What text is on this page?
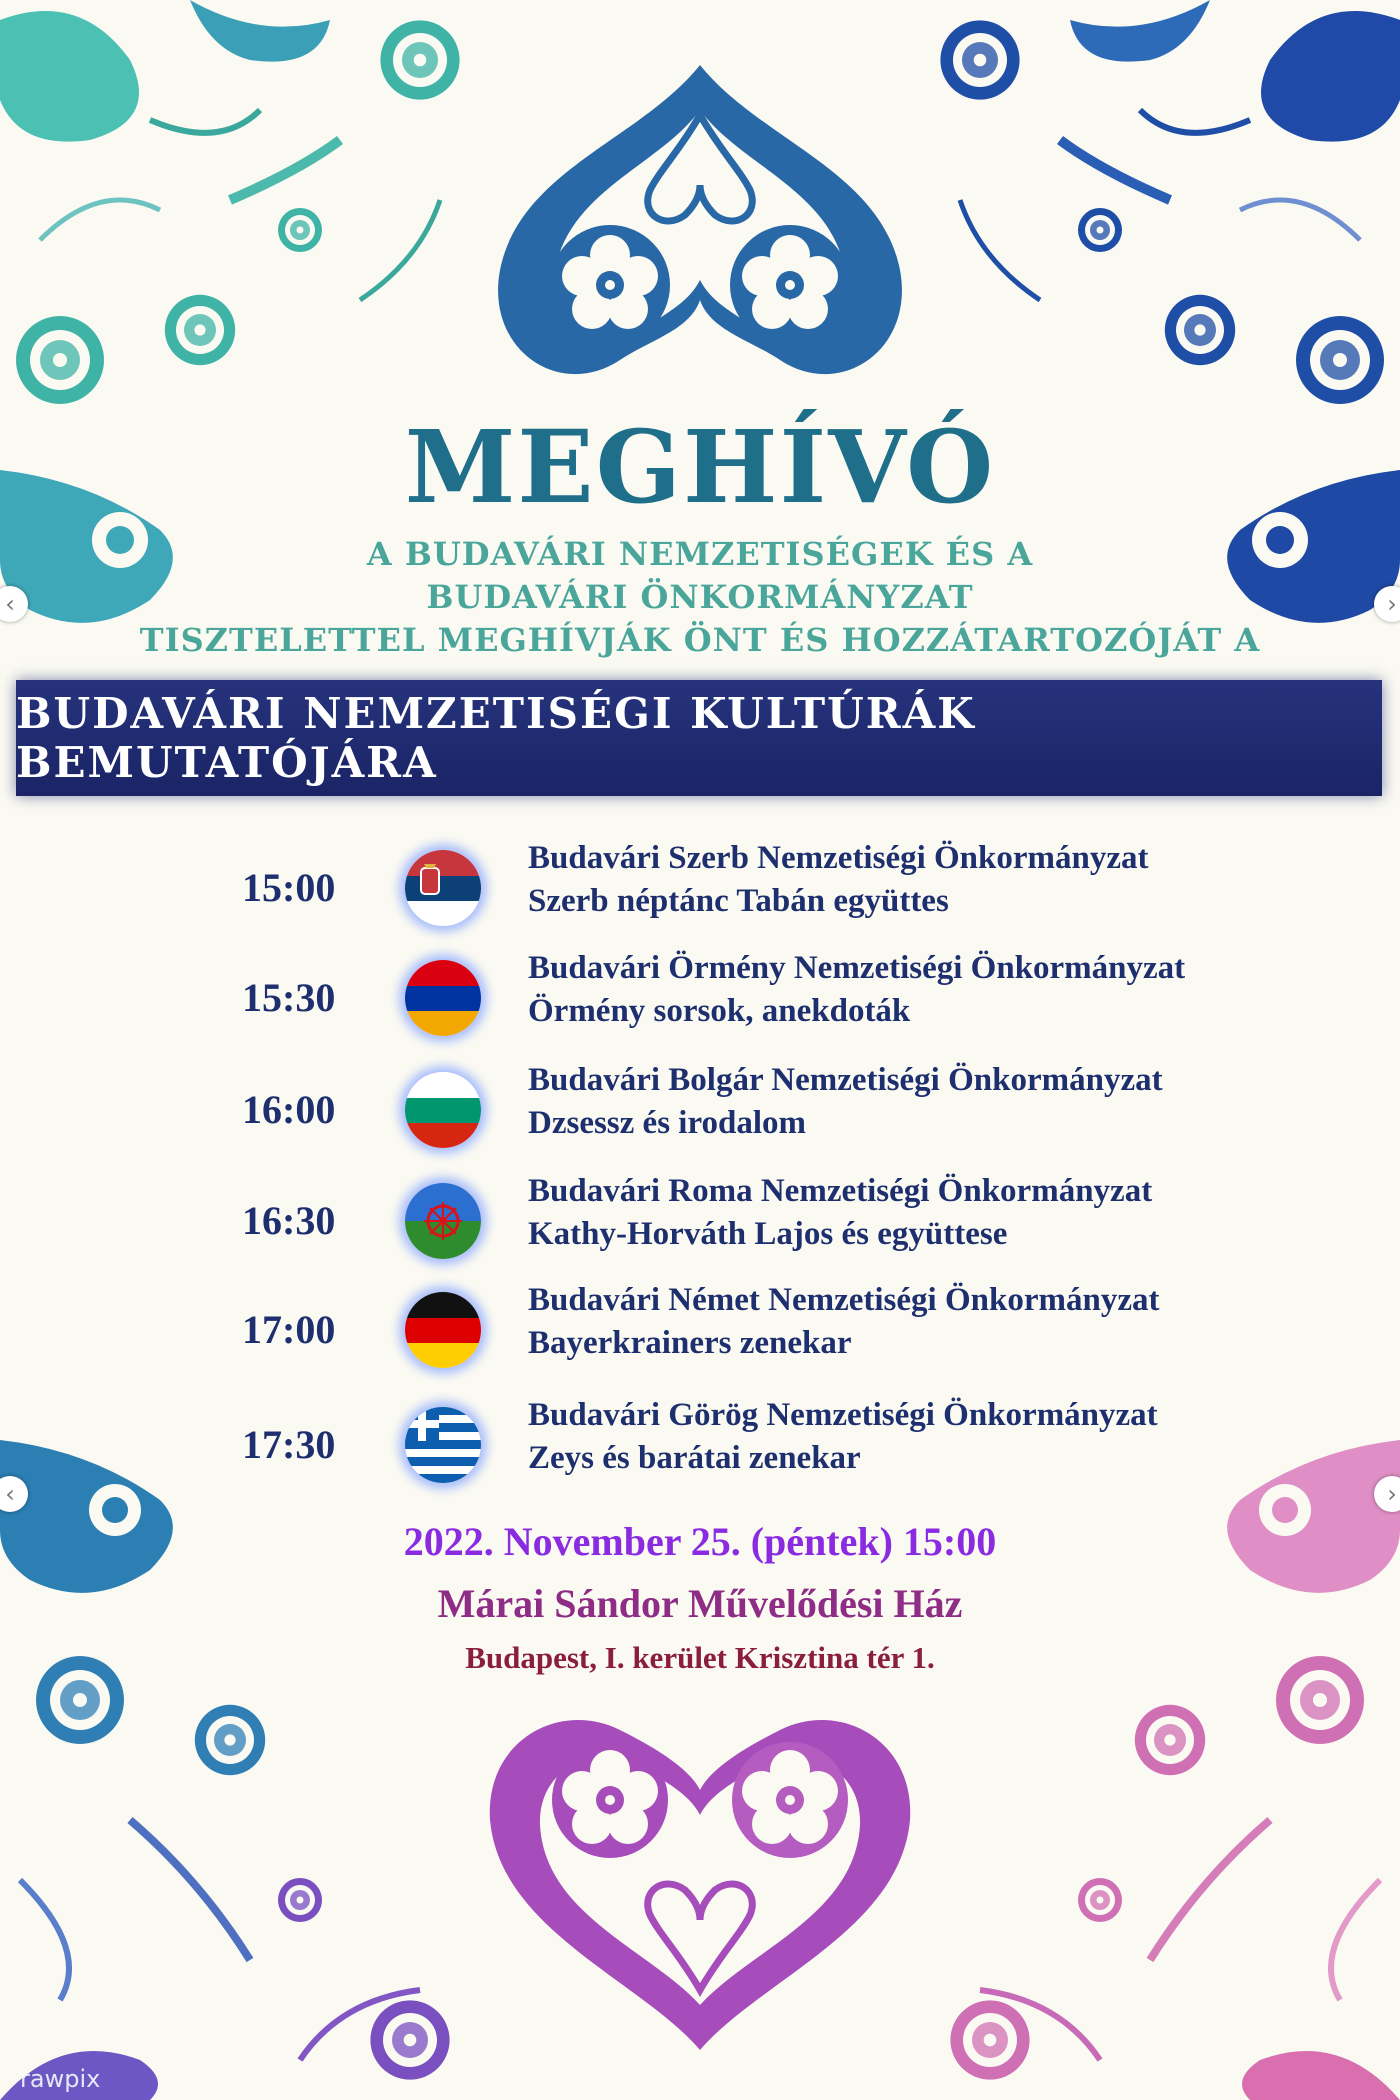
‹	›
‹	›
MEGHÍVÓ
A BUDAVÁRI NEMZETISÉGEK ÉS A
BUDAVÁRI ÖNKORMÁNYZAT
TISZTELETTEL MEGHÍVJÁK ÖNT ÉS HOZZÁTARTOZÓJÁT A
BUDAVÁRI NEMZETISÉGI KULTÚRÁK BEMUTATÓJÁRA
15:00
Budavári Szerb Nemzetiségi Önkormányzat
Szerb néptánc Tabán együttes
15:30
Budavári Örmény Nemzetiségi Önkormányzat
Örmény sorsok, anekdoták
16:00
Budavári Bolgár Nemzetiségi Önkormányzat
Dzsessz és irodalom
16:30
Budavári Roma Nemzetiségi Önkormányzat
Kathy-Horváth Lajos és együttese
17:00
Budavári Német Nemzetiségi Önkormányzat
Bayerkrainers zenekar
17:30
Budavári Görög Nemzetiségi Önkormányzat
Zeys és barátai zenekar
2022. November 25. (péntek) 15:00
Márai Sándor Művelődési Ház
Budapest, I. kerület Krisztina tér 1.
rawpix
